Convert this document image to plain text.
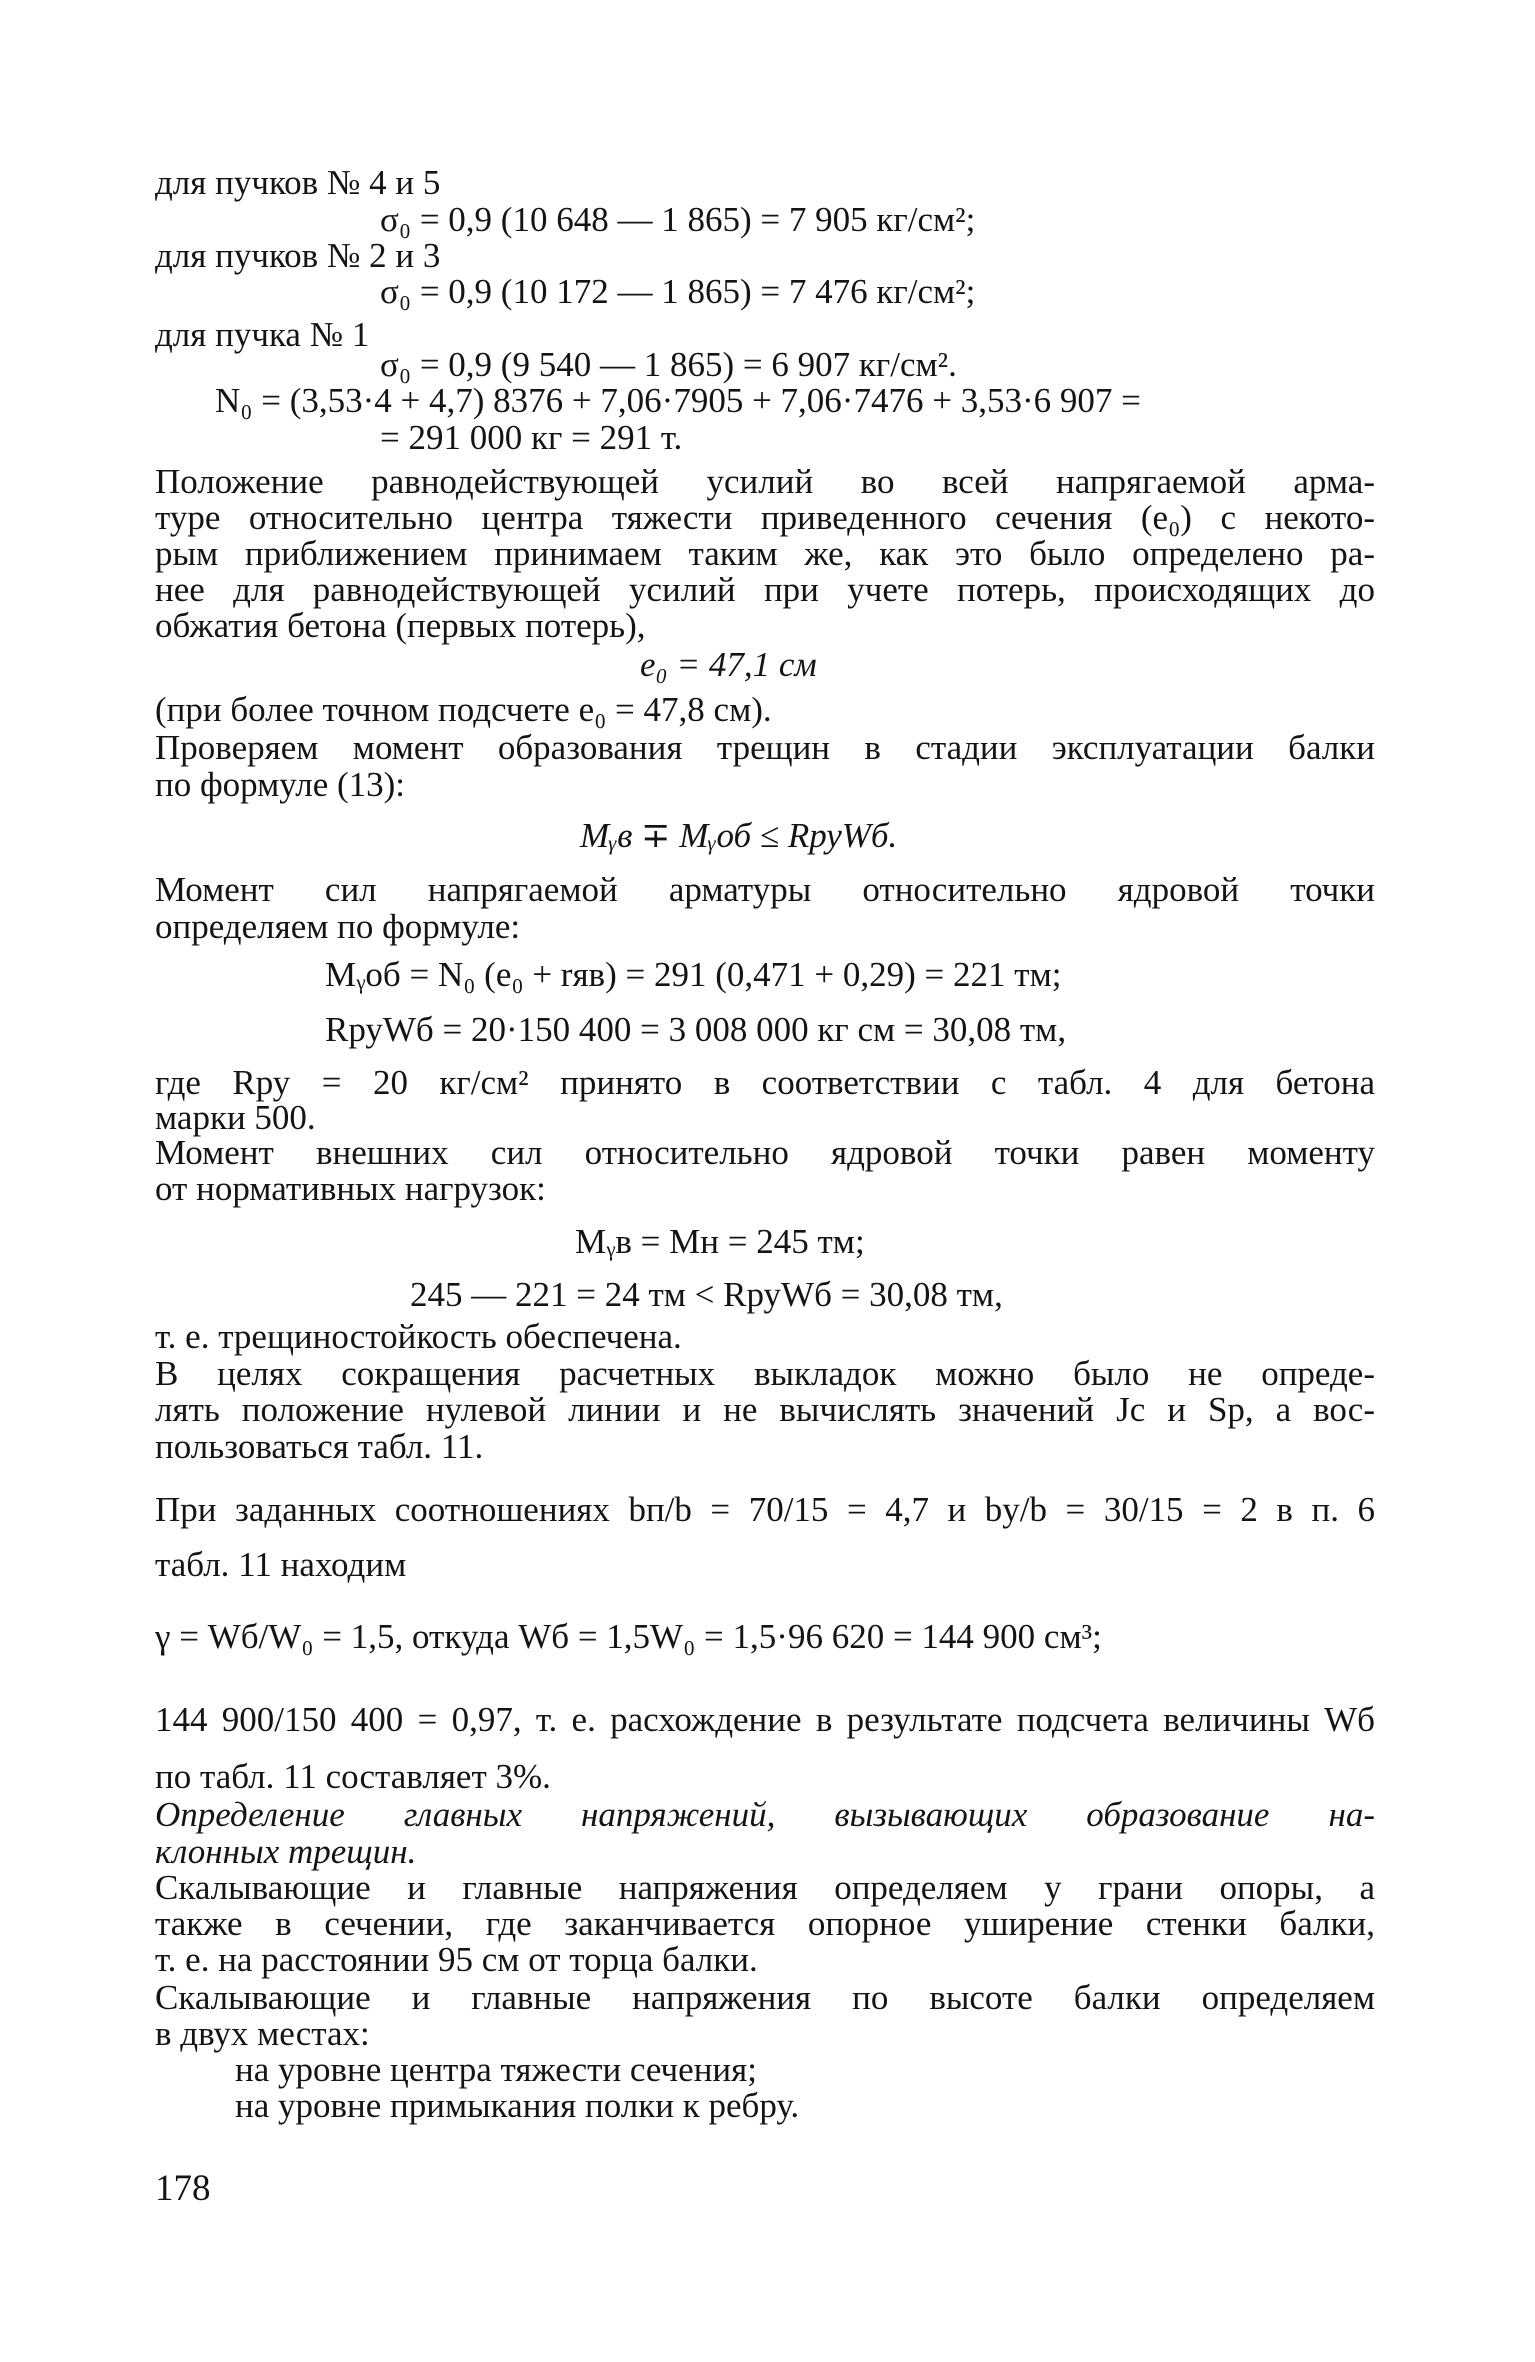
для пучков № 4 и 5
σ₀ = 0,9 (10 648 — 1 865) = 7 905 кг/см²;
для пучков № 2 и 3
σ₀ = 0,9 (10 172 — 1 865) = 7 476 кг/см²;
для пучка № 1
σ₀ = 0,9 (9 540 — 1 865) = 6 907 кг/см².
N₀ = (3,53·4 + 4,7) 8376 + 7,06·7905 + 7,06·7476 + 3,53·6 907 =
= 291 000 кг = 291 т.
Положение равнодействующей усилий во всей напрягаемой арма-
туре относительно центра тяжести приведенного сечения (e₀) с некото-
рым приближением принимаем таким же, как это было определено ра-
нее для равнодействующей усилий при учете потерь, происходящих до
обжатия бетона (первых потерь),
e₀ = 47,1 см
(при более точном подсчете e₀ = 47,8 см).
Проверяем момент образования трещин в стадии эксплуатации балки
по формуле (13):
Mᵧв ∓ Mᵧоб ≤ RруWб.
Момент сил напрягаемой арматуры относительно ядровой точки
определяем по формуле:
Mᵧоб = N₀ (e₀ + rяв) = 291 (0,471 + 0,29) = 221 тм;
RруWб = 20·150 400 = 3 008 000 кг см = 30,08 тм,
где Rру = 20 кг/см² принято в соответствии с табл. 4 для бетона
марки 500.
Момент внешних сил относительно ядровой точки равен моменту
от нормативных нагрузок:
Mᵧв = Mн = 245 тм;
245 — 221 = 24 тм < RруWб = 30,08 тм,
т. е. трещиностойкость обеспечена.
В целях сокращения расчетных выкладок можно было не опреде-
лять положение нулевой линии и не вычислять значений Jc и Sр, а вос-
пользоваться табл. 11.
При заданных соотношениях bп/b = 70/15 = 4,7 и bу/b = 30/15 = 2 в п. 6
табл. 11 находим
γ = Wб/W₀ = 1,5, откуда Wб = 1,5W₀ = 1,5·96 620 = 144 900 см³;
144 900/150 400 = 0,97, т. е. расхождение в результате подсчета величины Wб
по табл. 11 составляет 3%.
Определение главных напряжений, вызывающих образование на-
клонных трещин.
Скалывающие и главные напряжения определяем у грани опоры, а
также в сечении, где заканчивается опорное уширение стенки балки,
т. е. на расстоянии 95 см от торца балки.
Скалывающие и главные напряжения по высоте балки определяем
в двух местах:
на уровне центра тяжести сечения;
на уровне примыкания полки к ребру.
178
